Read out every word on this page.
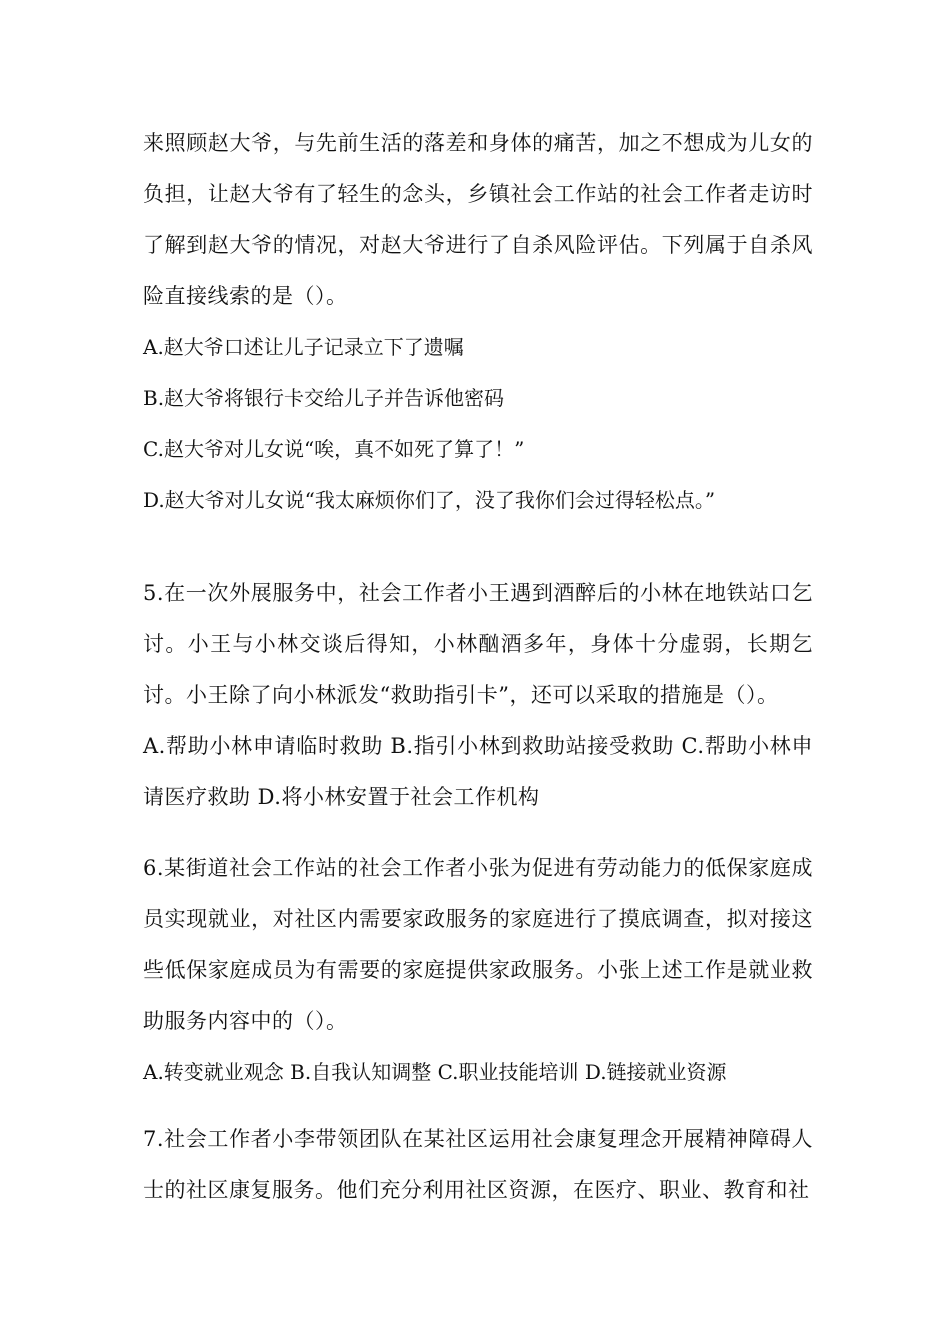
来照顾赵大爷，与先前生活的落差和身体的痛苦，加之不想成为儿女的负担，让赵大爷有了轻生的念头，乡镇社会工作站的社会工作者走访时了解到赵大爷的情况，对赵大爷进行了自杀风险评估。下列属于自杀风险直接线索的是（）。

A.赵大爷口述让儿子记录立下了遗嘱

B.赵大爷将银行卡交给儿子并告诉他密码

C.赵大爷对儿女说“唉，真不如死了算了！”

D.赵大爷对儿女说“我太麻烦你们了，没了我你们会过得轻松点。”

5.在一次外展服务中，社会工作者小王遇到酒醉后的小林在地铁站口乞讨。小王与小林交谈后得知，小林酗酒多年，身体十分虚弱，长期乞讨。小王除了向小林派发“救助指引卡”，还可以采取的措施是（）。

A.帮助小林申请临时救助 B.指引小林到救助站接受救助 C.帮助小林申请医疗救助 D.将小林安置于社会工作机构

6.某街道社会工作站的社会工作者小张为促进有劳动能力的低保家庭成员实现就业，对社区内需要家政服务的家庭进行了摸底调查，拟对接这些低保家庭成员为有需要的家庭提供家政服务。小张上述工作是就业救助服务内容中的（）。

A.转变就业观念 B.自我认知调整 C.职业技能培训 D.链接就业资源

7.社会工作者小李带领团队在某社区运用社会康复理念开展精神障碍人士的社区康复服务。他们充分利用社区资源，在医疗、职业、教育和社
